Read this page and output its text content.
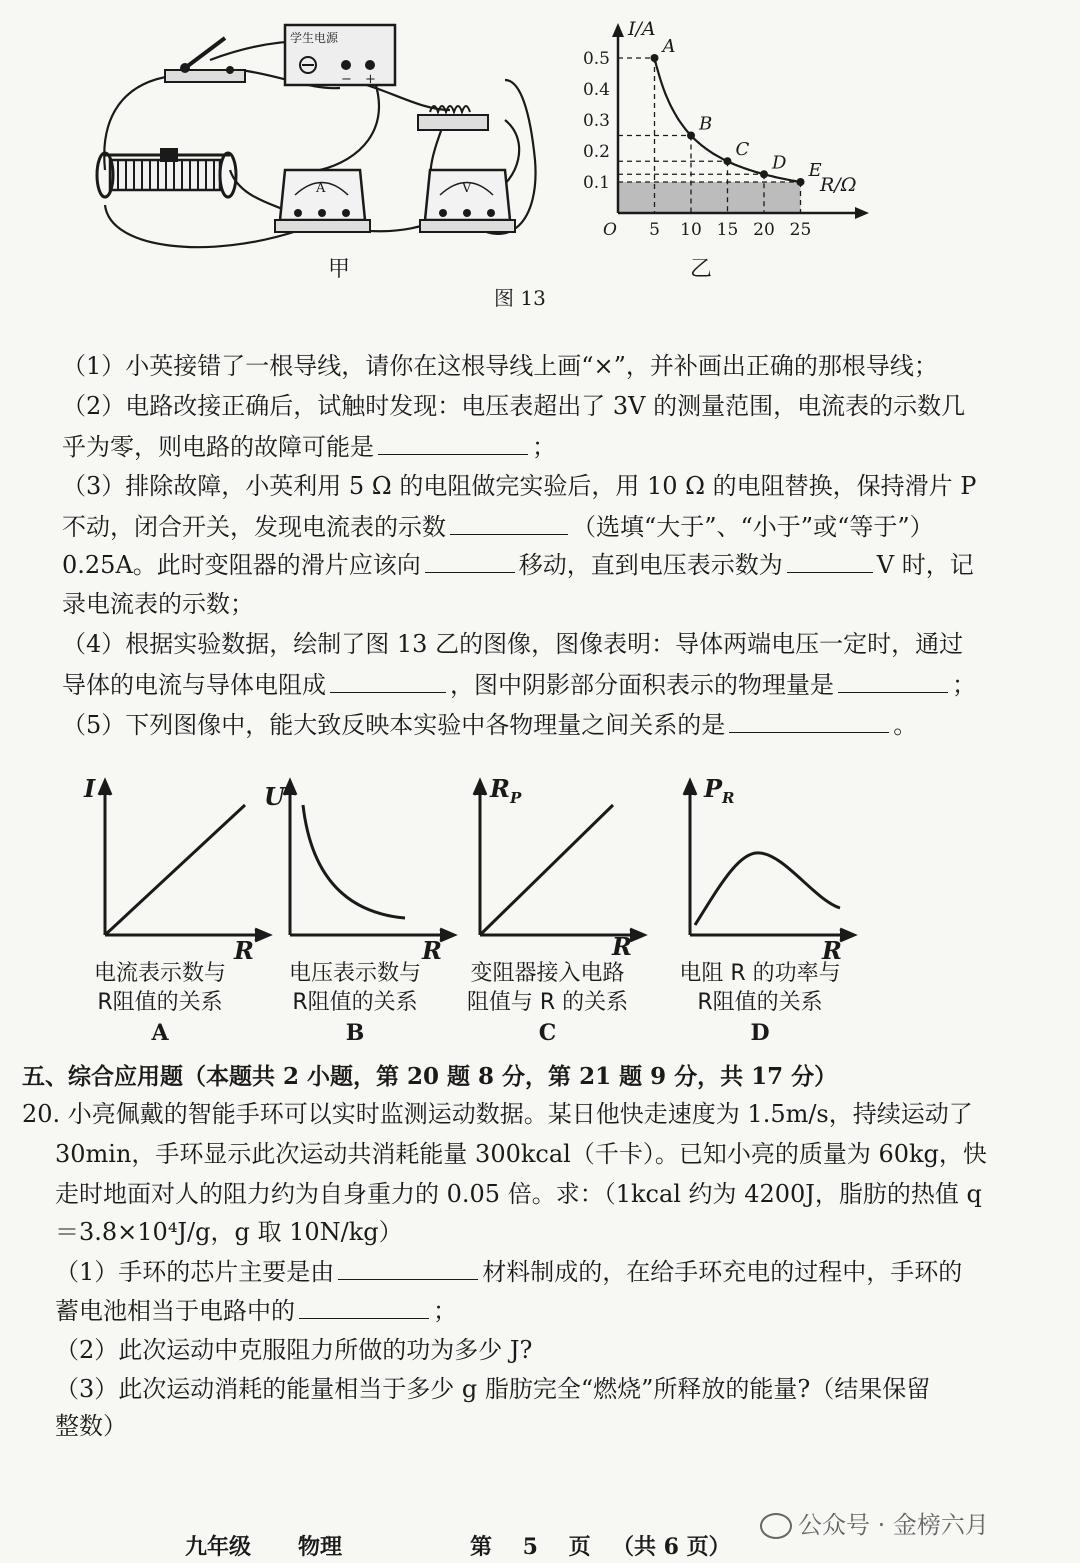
学生电源
− +
A	V
甲
I/A
R/Ω
O
0.1
0.2
0.3
0.4
0.5
5 10 15 20 25
A
B
C
D E
乙
图 13
（1）小英接错了一根导线，请你在这根导线上画“×”，并补画出正确的那根导线；
（2）电路改接正确后，试触时发现：电压表超出了 3V 的测量范围，电流表的示数几
乎为零，则电路的故障可能是	；
（3）排除故障，小英利用 5 Ω 的电阻做完实验后，用 10 Ω 的电阻替换，保持滑片 P
不动，闭合开关，发现电流表的示数	（选填“大于”、“小于”或“等于”）
0.25A。此时变阻器的滑片应该向	移动，直到电压表示数为	V 时，记
录电流表的示数；
（4）根据实验数据，绘制了图 13 乙的图像，图像表明：导体两端电压一定时，通过
导体的电流与导体电阻成	，图中阴影部分面积表示的物理量是	；
（5）下列图像中，能大致反映本实验中各物理量之间关系的是	。
I
R
U
R
$R_P$
R
$P_R$
R
电流表示数与
R阻值的关系
A
电压表示数与
R阻值的关系
B
变阻器接入电路
阻值与 R 的关系
C
电阻 R 的功率与
R阻值的关系
D
五、综合应用题（本题共 2 小题，第 20 题 8 分，第 21 题 9 分，共 17 分）
20. 小亮佩戴的智能手环可以实时监测运动数据。某日他快走速度为 1.5m/s，持续运动了
30min，手环显示此次运动共消耗能量 300kcal（千卡）。已知小亮的质量为 60kg，快
走时地面对人的阻力约为自身重力的 0.05 倍。求：（1kcal 约为 4200J，脂肪的热值 q
＝3.8×10⁴J/g，g 取 10N/kg）
（1）手环的芯片主要是由	材料制成的，在给手环充电的过程中，手环的
蓄电池相当于电路中的	；
（2）此次运动中克服阻力所做的功为多少 J?
（3）此次运动消耗的能量相当于多少 g 脂肪完全“燃烧”所释放的能量?（结果保留
整数）
九年级 物理	第 5 页 （共 6 页）
公众号 · 金榜六月
